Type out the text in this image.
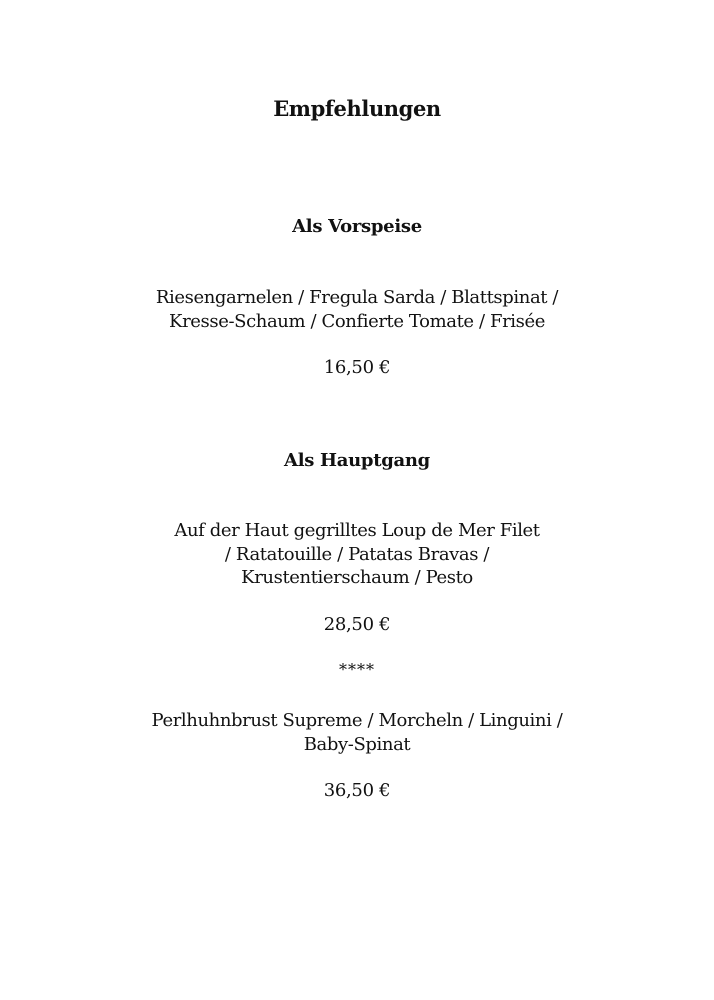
Empfehlungen
Als Vorspeise
Riesengarnelen / Fregula Sarda / Blattspinat /
Kresse-Schaum / Confierte Tomate / Frisée
16,50 €
Als Hauptgang
Auf der Haut gegrilltes Loup de Mer Filet
/ Ratatouille / Patatas Bravas /
Krustentierschaum / Pesto
28,50 €
****
Perlhuhnbrust Supreme / Morcheln / Linguini /
Baby-Spinat
36,50 €
